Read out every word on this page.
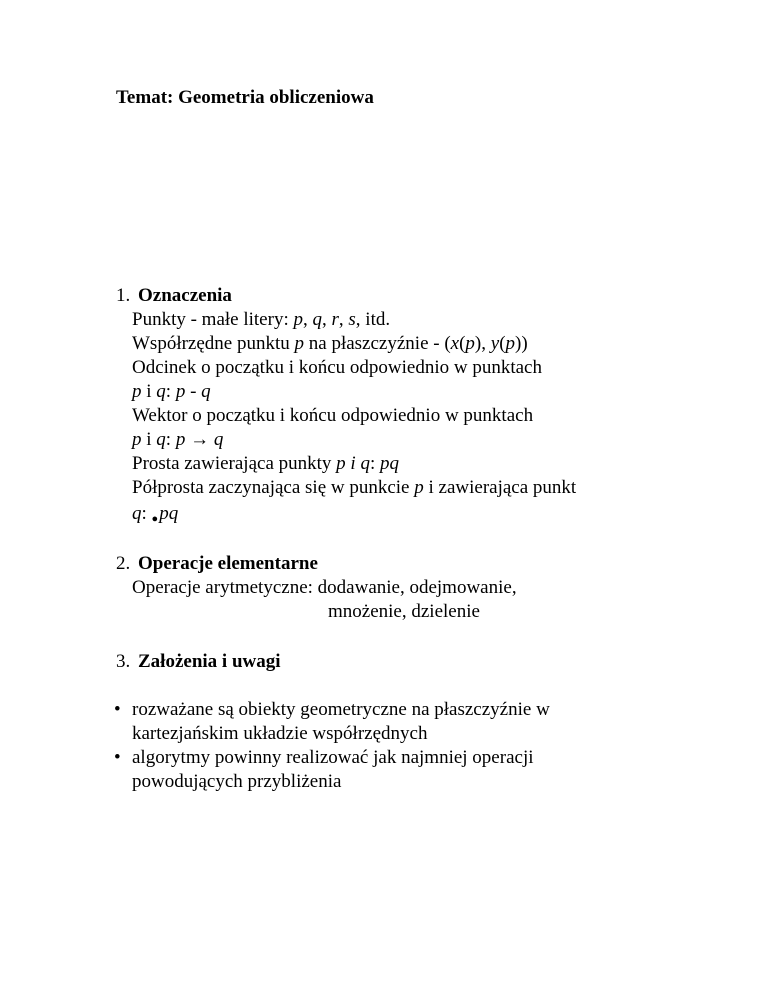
Temat: Geometria obliczeniowa
1. Oznaczenia
Punkty - małe litery: p, q, r, s, itd.
Współrzędne punktu p na płaszczyźnie - (x(p), y(p))
Odcinek o początku i końcu odpowiednio w punktach
p i q: p - q
Wektor o początku i końcu odpowiednio w punktach
p i q: p → q
Prosta zawierająca punkty p i q: pq
Półprosta zaczynająca się w punkcie p i zawierająca punkt
q: ●pq
2. Operacje elementarne
Operacje arytmetyczne: dodawanie, odejmowanie,
mnożenie, dzielenie
3. Założenia i uwagi
• rozważane są obiekty geometryczne na płaszczyźnie w
kartezjańskim układzie współrzędnych
• algorytmy powinny realizować jak najmniej operacji
powodujących przybliżenia
